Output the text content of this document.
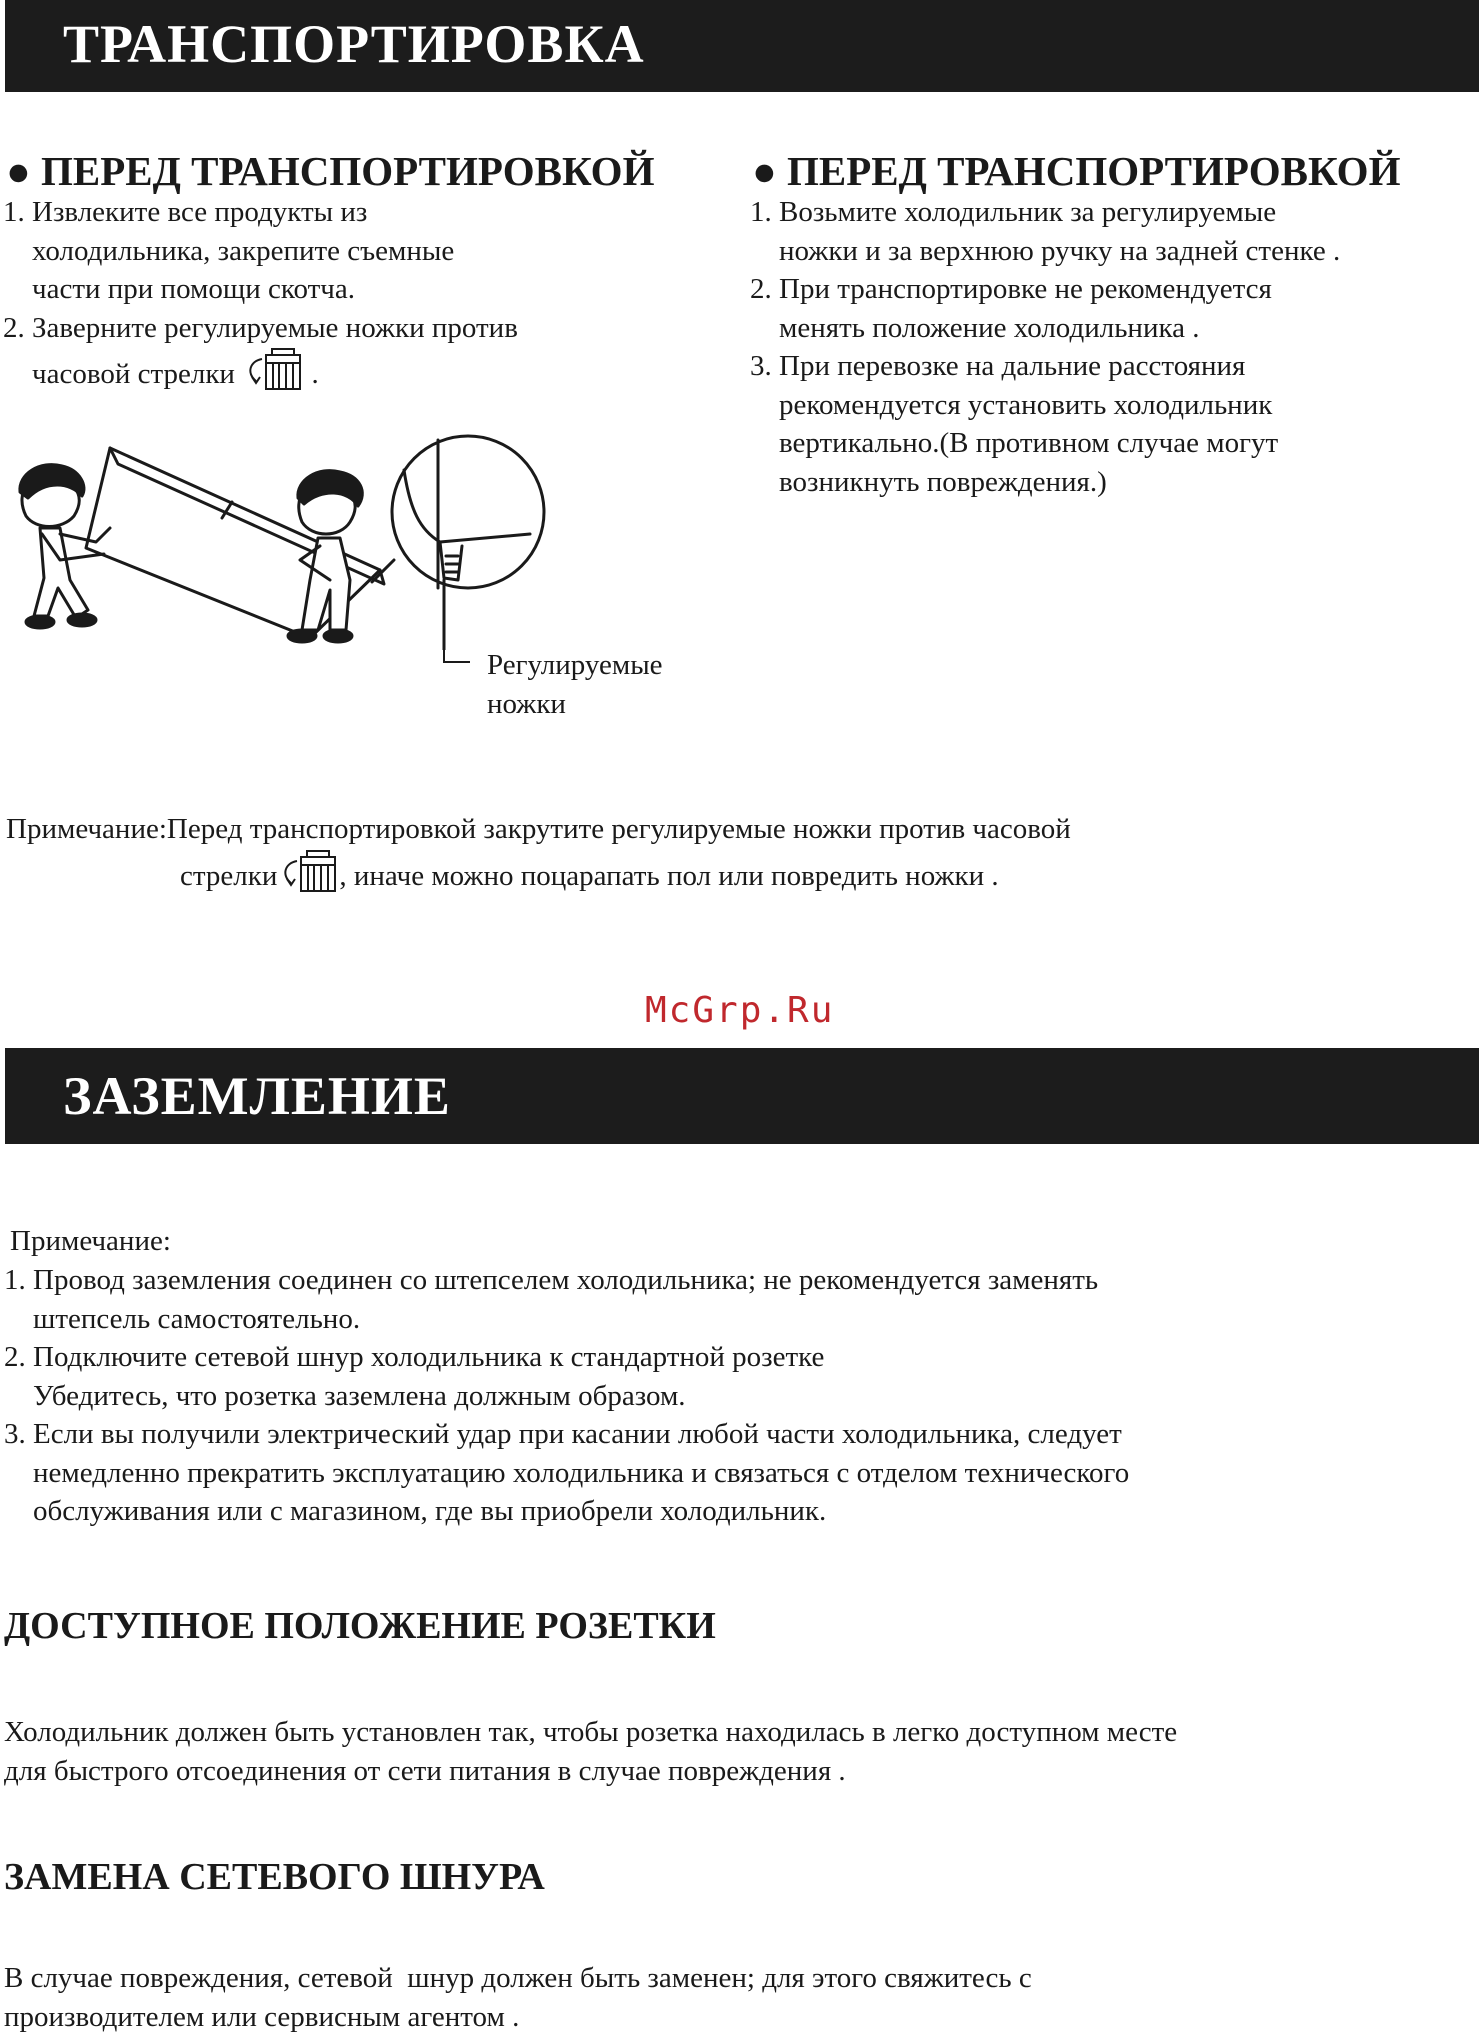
ТРАНСПОРТИРОВКА
● ПЕРЕД ТРАНСПОРТИРОВКОЙ
1. Извлеките все продукты из холодильника, закрепите съемные части при помощи скотча.
2. Заверните регулируемые ножки против часовой стрелки	.
● ПЕРЕД ТРАНСПОРТИРОВКОЙ
1. Возьмите холодильник за регулируемые ножки и за верхнюю ручку на задней стенке .
2. При транспортировке не рекомендуется менять положение холодильника .
3. При перевозке на дальние расстояния рекомендуется установить холодильник вертикально.(В противном случае могут возникнуть повреждения.)
Регулируемые
ножки
Примечание:Перед транспортировкой закрутите регулируемые ножки против часовой
стрелки , иначе можно поцарапать пол или повредить ножки .
McGrp.Ru
ЗАЗЕМЛЕНИЕ
Примечание:
1. Провод заземления соединен со штепселем холодильника; не рекомендуется заменять
штепсель самостоятельно.
2. Подключите сетевой шнур холодильника к стандартной розетке
Убедитесь, что розетка заземлена должным образом.
3. Если вы получили электрический удар при касании любой части холодильника, следует
немедленно прекратить эксплуатацию холодильника и связаться с отделом технического
обслуживания или с магазином, где вы приобрели холодильник.
ДОСТУПНОЕ ПОЛОЖЕНИЕ РОЗЕТКИ
Холодильник должен быть установлен так, чтобы розетка находилась в легко доступном месте
для быстрого отсоединения от сети питания в случае повреждения .
ЗАМЕНА СЕТЕВОГО ШНУРА
В случае повреждения, сетевой  шнур должен быть заменен; для этого свяжитесь с
производителем или сервисным агентом .
